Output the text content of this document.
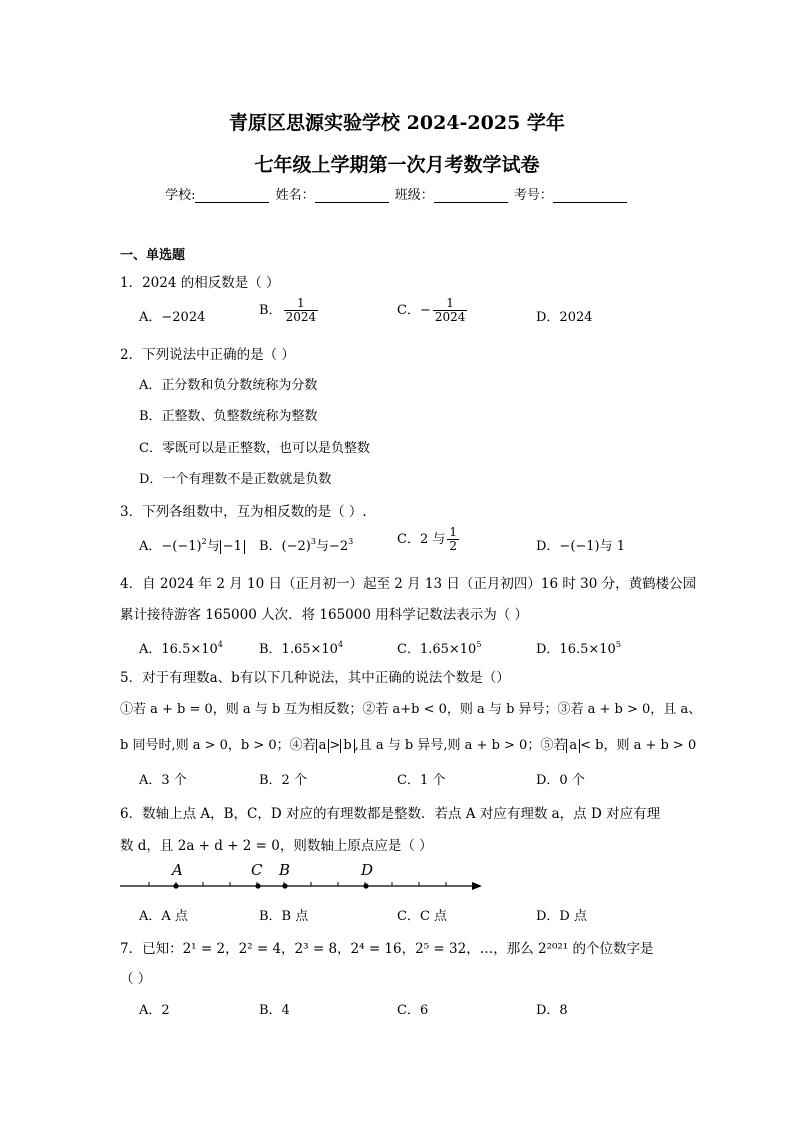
青原区思源实验学校 2024-2025 学年
七年级上学期第一次月考数学试卷
学校:	姓名：	班级：	考号：
一、单选题
1．2024 的相反数是（ ）
A．−2024	B． $\frac{1}{2024}$	C．− $\frac{1}{2024}$	D．2024
2．下列说法中正确的是（ ）
A．正分数和负分数统称为分数
B．正整数、负整数统称为整数
C．零既可以是正整数，也可以是负整数
D．一个有理数不是正数就是负数
3．下列各组数中，互为相反数的是（ ）.
A．$-(-1)^2$与 −1 B．$(-2)^3$与$-2^3$	C．2 与 $\frac{1}{2}$	D．−(−1)与 1
4．自 2024 年 2 月 10 日（正月初一）起至 2 月 13 日（正月初四）16 时 30 分，黄鹤楼公园
累计接待游客 165000 人次．将 165000 用科学记数法表示为（ ）
A．$16.5\times 10^4$	B．$1.65\times 10^4$	C．$1.65\times 10^5$	D．$16.5\times 10^5$
5．对于有理数a、b有以下几种说法，其中正确的说法个数是（）
①若 a + b = 0，则 a 与 b 互为相反数；②若 a+b < 0，则 a 与 b 异号；③若 a + b > 0，且 a、
b 同号时,则 a > 0，b > 0；④若 a > b ,且 a 与 b 异号,则 a + b > 0；⑤若 a < b，则 a + b > 0
A．3 个	B．2 个	C．1 个	D．0 个
6．数轴上点 A，B，C，D 对应的有理数都是整数．若点 A 对应有理数 a，点 D 对应有理
数 d，且 2a + d + 2 = 0，则数轴上原点应是（ ）
A	C B	D
A．A 点	B．B 点	C．C 点	D．D 点
7．已知：2¹ = 2，2² = 4，2³ = 8，2⁴ = 16，2⁵ = 32，…，那么 2²⁰²¹ 的个位数字是
（ ）
A．2	B．4	C．6	D．8
